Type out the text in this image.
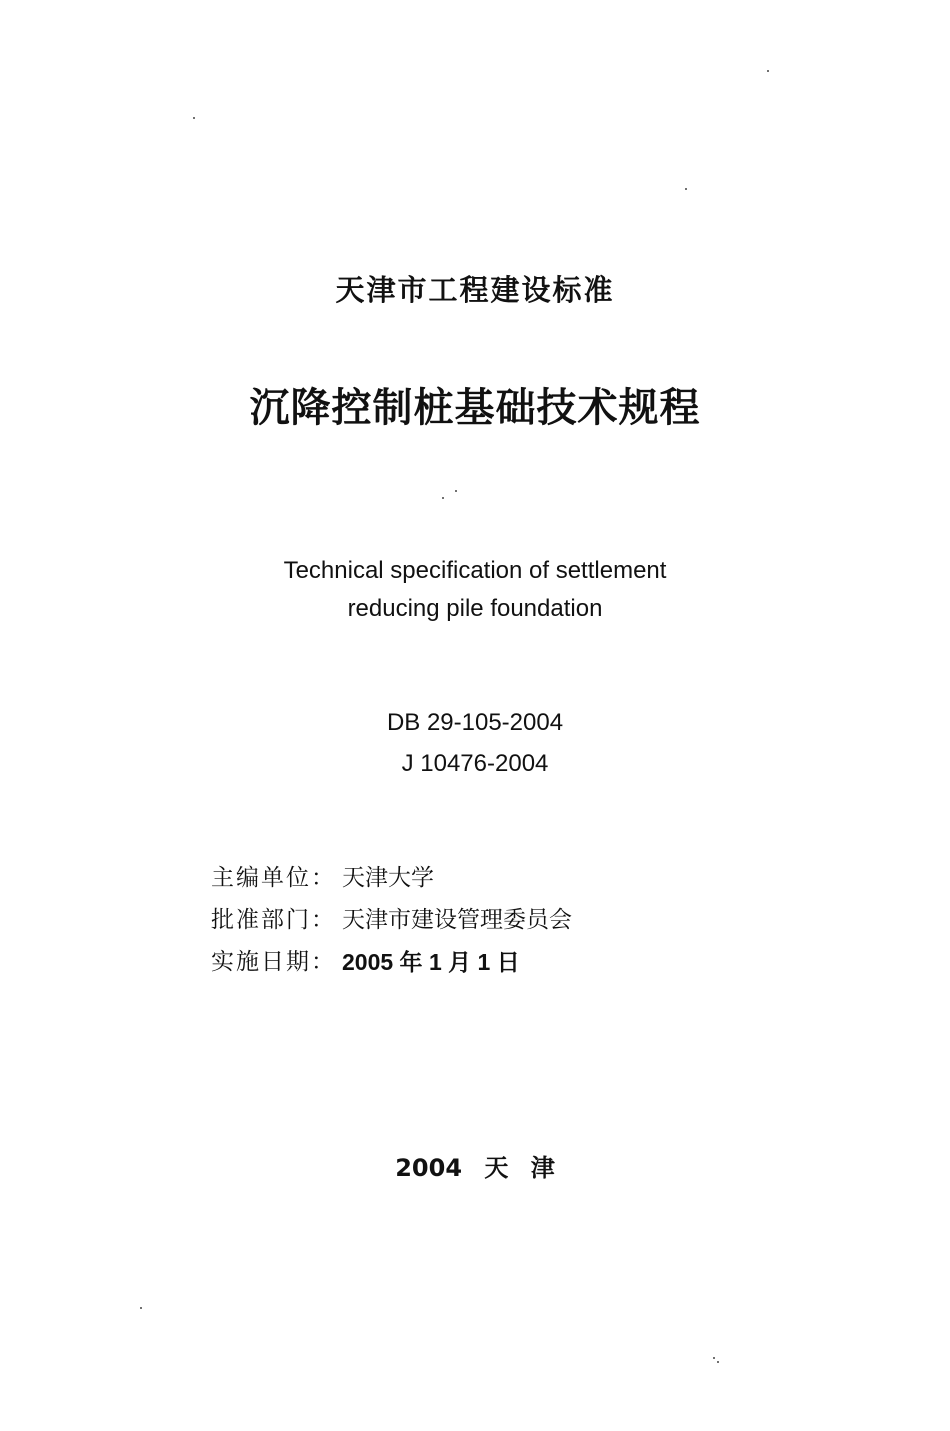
天津市工程建设标准
沉降控制桩基础技术规程
Technical specification of settlement
reducing pile foundation
DB 29-105-2004
J 10476-2004
主编单位： 天津大学
批准部门： 天津市建设管理委员会
实施日期： 2005 年 1 月 1 日
2004 天 津
